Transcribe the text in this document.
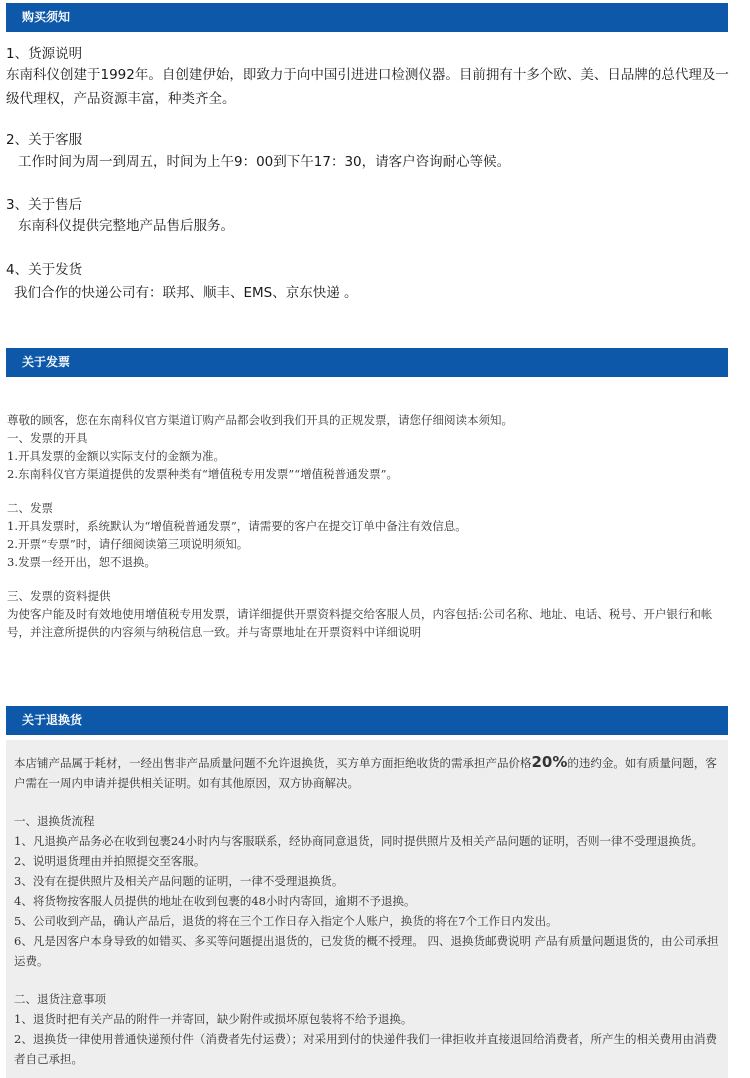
购买须知
1、货源说明
东南科仪创建于1992年。自创建伊始，即致力于向中国引进进口检测仪器。目前拥有十多个欧、美、日品牌的总代理及一级代理权，产品资源丰富，种类齐全。
2、关于客服
工作时间为周一到周五，时间为上午9：00到下午17：30，请客户咨询耐心等候。
3、关于售后
东南科仪提供完整地产品售后服务。
4、关于发货
我们合作的快递公司有：联邦、顺丰、EMS、京东快递 。
关于发票
尊敬的顾客，您在东南科仪官方渠道订购产品都会收到我们开具的正规发票，请您仔细阅读本须知。
一、发票的开具
1.开具发票的金额以实际支付的金额为准。
2.东南科仪官方渠道提供的发票种类有“增值税专用发票”“增值税普通发票”。
二、发票
1.开具发票时，系统默认为“增值税普通发票”，请需要的客户在提交订单中备注有效信息。
2.开票“专票”时，请仔细阅读第三项说明须知。
3.发票一经开出，恕不退换。
三、发票的资料提供
为使客户能及时有效地使用增值税专用发票，请详细提供开票资料提交给客服人员，内容包括:公司名称、地址、电话、税号、开户银行和帐号，并注意所提供的内容须与纳税信息一致。并与寄票地址在开票资料中详细说明
关于退换货
本店铺产品属于耗材，一经出售非产品质量问题不允许退换货，买方单方面拒绝收货的需承担产品价格20%的违约金。如有质量问题，客户需在一周内申请并提供相关证明。如有其他原因，双方协商解决。
一、退换货流程
1、凡退换产品务必在收到包裹24小时内与客服联系，经协商同意退货，同时提供照片及相关产品问题的证明，否则一律不受理退换货。
2、说明退货理由并拍照提交至客服。
3、没有在提供照片及相关产品问题的证明，一律不受理退换货。
4、将货物按客服人员提供的地址在收到包裹的48小时内寄回，逾期不予退换。
5、公司收到产品，确认产品后，退货的将在三个工作日存入指定个人账户，换货的将在7个工作日内发出。
6、凡是因客户本身导致的如错买、多买等问题提出退货的，已发货的概不授理。 四、退换货邮费说明 产品有质量问题退货的，由公司承担运费。
二、退货注意事项
1、退货时把有关产品的附件一并寄回，缺少附件或损坏原包装将不给予退换。
2、退换货一律使用普通快递预付件（消费者先付运费）；对采用到付的快递件我们一律拒收并直接退回给消费者，所产生的相关费用由消费者自己承担。
